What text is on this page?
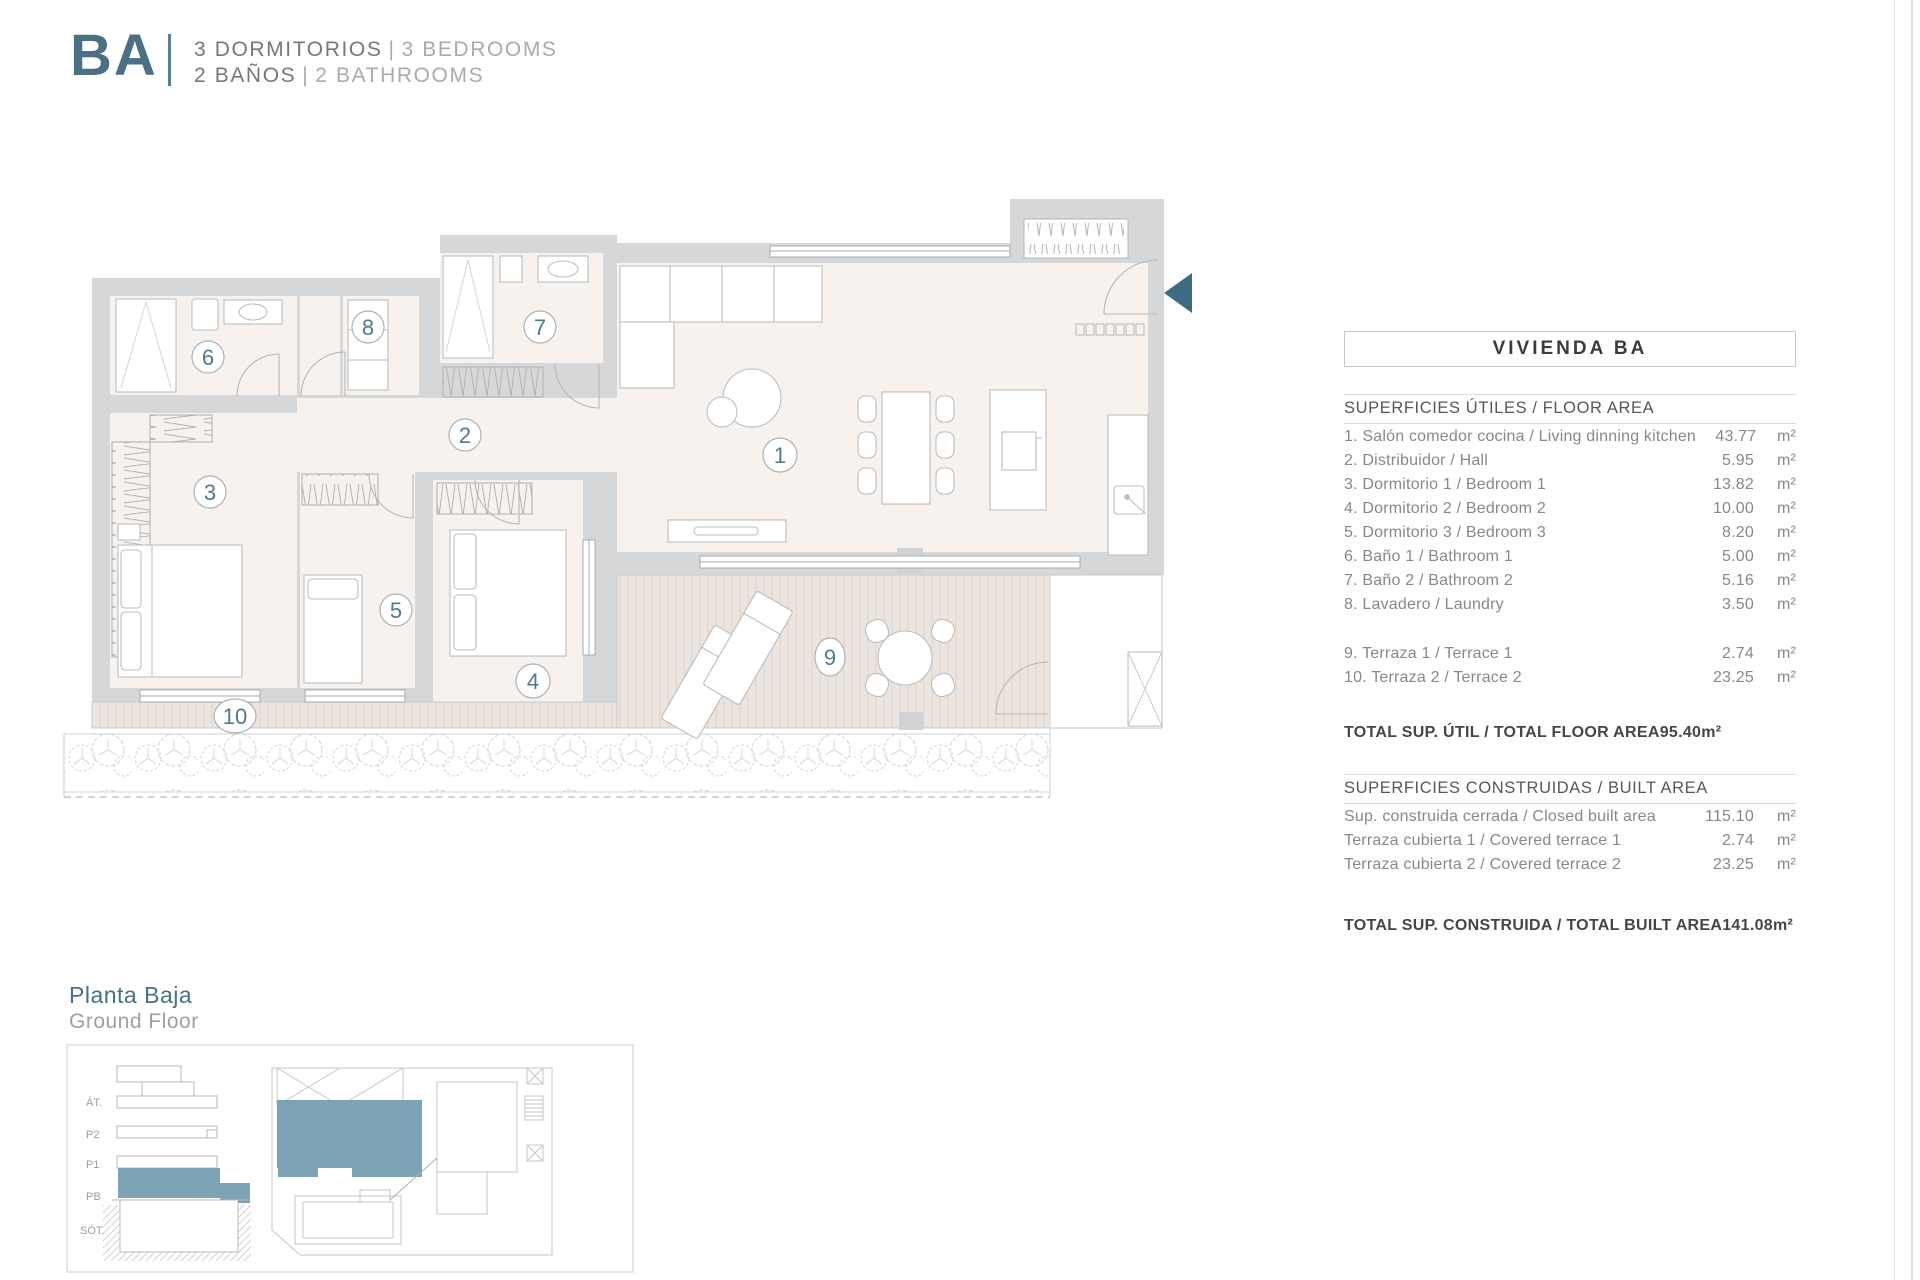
BA 3 DORMITORIOS | 3 BEDROOMS
2 BAÑOS | 2 BATHROOMS
1
2
3
4
5
6
7
8
9
10
ÁT.
P2
P1
PB
SÓT.
Planta Baja
Ground Floor
VIVIENDA BA
SUPERFICIES ÚTILES / FLOOR AREA
1. Salón comedor cocina / Living dinning kitchen	43.77	m²
2. Distribuidor / Hall	5.95	m²
3. Dormitorio 1 / Bedroom 1	13.82	m²
4. Dormitorio 2 / Bedroom 2	10.00	m²
5. Dormitorio 3 / Bedroom 3	8.20	m²
6. Baño 1 / Bathroom 1	5.00	m²
7. Baño 2 / Bathroom 2	5.16	m²
8. Lavadero / Laundry	3.50	m²
9. Terraza 1 / Terrace 1	2.74	m²
10. Terraza 2 / Terrace 2	23.25	m²
TOTAL SUP. ÚTIL / TOTAL FLOOR AREA 95.40 m²
SUPERFICIES CONSTRUIDAS / BUILT AREA
Sup. construida cerrada / Closed built area	115.10	m²
Terraza cubierta 1 / Covered terrace 1	2.74	m²
Terraza cubierta 2 / Covered terrace 2	23.25	m²
TOTAL SUP. CONSTRUIDA / TOTAL BUILT AREA 141.08 m²
